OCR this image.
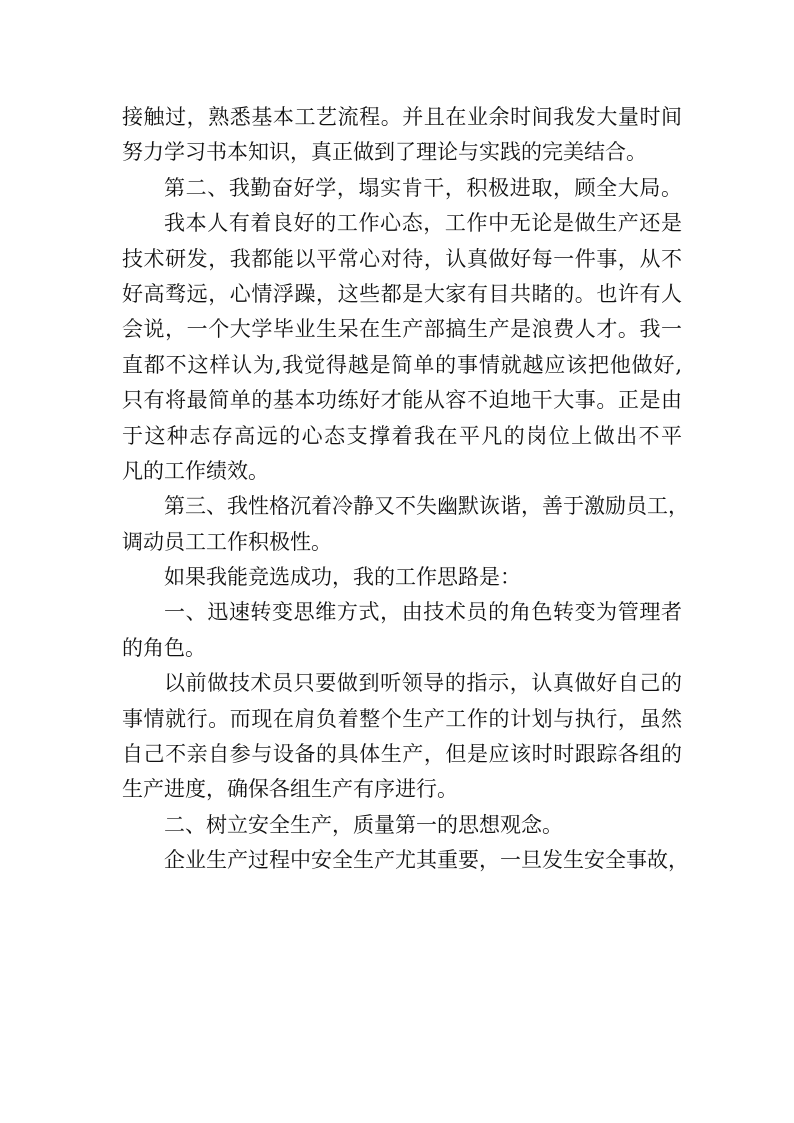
接触过，熟悉基本工艺流程。并且在业余时间我发大量时间
努力学习书本知识，真正做到了理论与实践的完美结合。
第二、我勤奋好学，塌实肯干，积极进取，顾全大局。
我本人有着良好的工作心态，工作中无论是做生产还是
技术研发，我都能以平常心对待，认真做好每一件事，从不
好高骛远，心情浮躁，这些都是大家有目共睹的。也许有人
会说，一个大学毕业生呆在生产部搞生产是浪费人才。我一
直都不这样认为,我觉得越是简单的事情就越应该把他做好,
只有将最简单的基本功练好才能从容不迫地干大事。正是由
于这种志存高远的心态支撑着我在平凡的岗位上做出不平
凡的工作绩效。
第三、我性格沉着冷静又不失幽默诙谐，善于激励员工，
调动员工工作积极性。
如果我能竞选成功，我的工作思路是：
一、迅速转变思维方式，由技术员的角色转变为管理者
的角色。
以前做技术员只要做到听领导的指示，认真做好自己的
事情就行。而现在肩负着整个生产工作的计划与执行，虽然
自己不亲自参与设备的具体生产，但是应该时时跟踪各组的
生产进度，确保各组生产有序进行。
二、树立安全生产，质量第一的思想观念。
企业生产过程中安全生产尤其重要，一旦发生安全事故，
